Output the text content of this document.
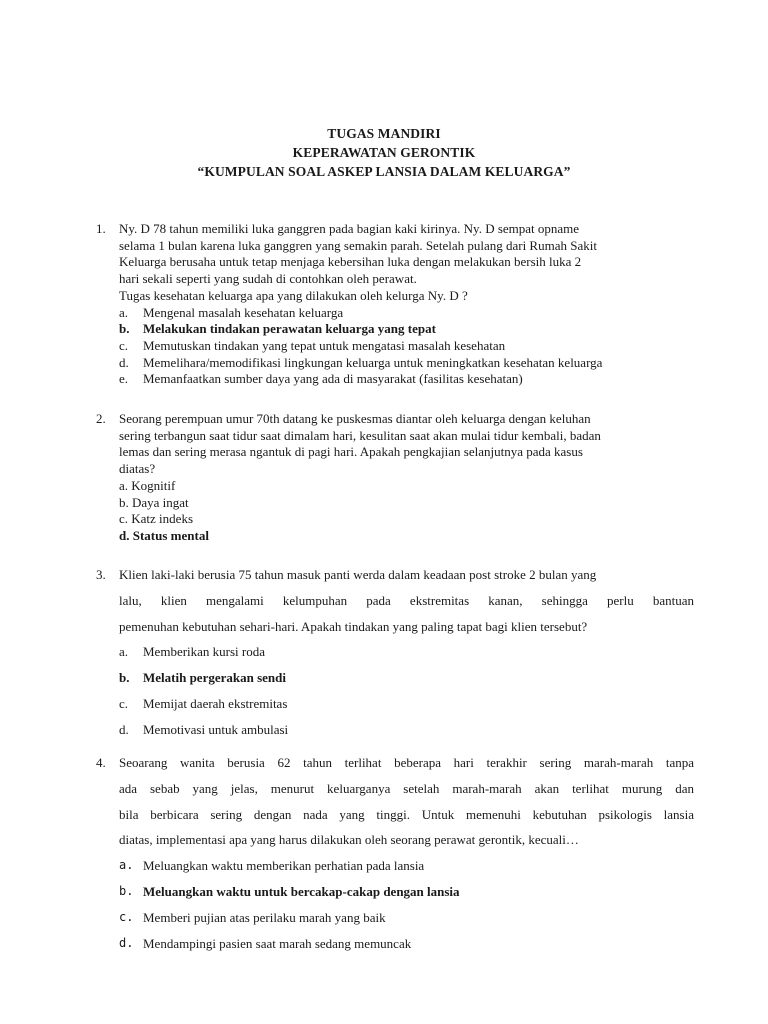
TUGAS MANDIRI
KEPERAWATAN GERONTIK
“KUMPULAN SOAL ASKEP LANSIA DALAM KELUARGA”
1. Ny. D 78 tahun memiliki luka ganggren pada bagian kaki kirinya. Ny. D sempat opname
selama 1 bulan karena luka ganggren yang semakin parah. Setelah pulang dari Rumah Sakit
Keluarga berusaha untuk tetap menjaga kebersihan luka dengan melakukan bersih luka 2
hari sekali seperti yang sudah di contohkan oleh perawat.
Tugas kesehatan keluarga apa yang dilakukan oleh kelurga Ny. D ?
a. Mengenal masalah kesehatan keluarga
b. Melakukan tindakan perawatan keluarga yang tepat
c. Memutuskan tindakan yang tepat untuk mengatasi masalah kesehatan
d. Memelihara/memodifikasi lingkungan keluarga untuk meningkatkan kesehatan keluarga
e. Memanfaatkan sumber daya yang ada di masyarakat (fasilitas kesehatan)
2. Seorang perempuan umur 70th datang ke puskesmas diantar oleh keluarga dengan keluhan
sering terbangun saat tidur saat dimalam hari, kesulitan saat akan mulai tidur kembali, badan
lemas dan sering merasa ngantuk di pagi hari. Apakah pengkajian selanjutnya pada kasus
diatas?
a. Kognitif
b. Daya ingat
c. Katz indeks
d. Status mental
3. Klien laki-laki berusia 75 tahun masuk panti werda dalam keadaan post stroke 2 bulan yang
lalu, klien mengalami kelumpuhan pada ekstremitas kanan, sehingga perlu bantuan
pemenuhan kebutuhan sehari-hari. Apakah tindakan yang paling tapat bagi klien tersebut?
a. Memberikan kursi roda
b. Melatih pergerakan sendi
c. Memijat daerah ekstremitas
d. Memotivasi untuk ambulasi
4. Seoarang wanita berusia 62 tahun terlihat beberapa hari terakhir sering marah-marah tanpa
ada sebab yang jelas, menurut keluarganya setelah marah-marah akan terlihat murung dan
bila berbicara sering dengan nada yang tinggi. Untuk memenuhi kebutuhan psikologis lansia
diatas, implementasi apa yang harus dilakukan oleh seorang perawat gerontik, kecuali…
a. Meluangkan waktu memberikan perhatian pada lansia
b. Meluangkan waktu untuk bercakap-cakap dengan lansia
c. Memberi pujian atas perilaku marah yang baik
d. Mendampingi pasien saat marah sedang memuncak
